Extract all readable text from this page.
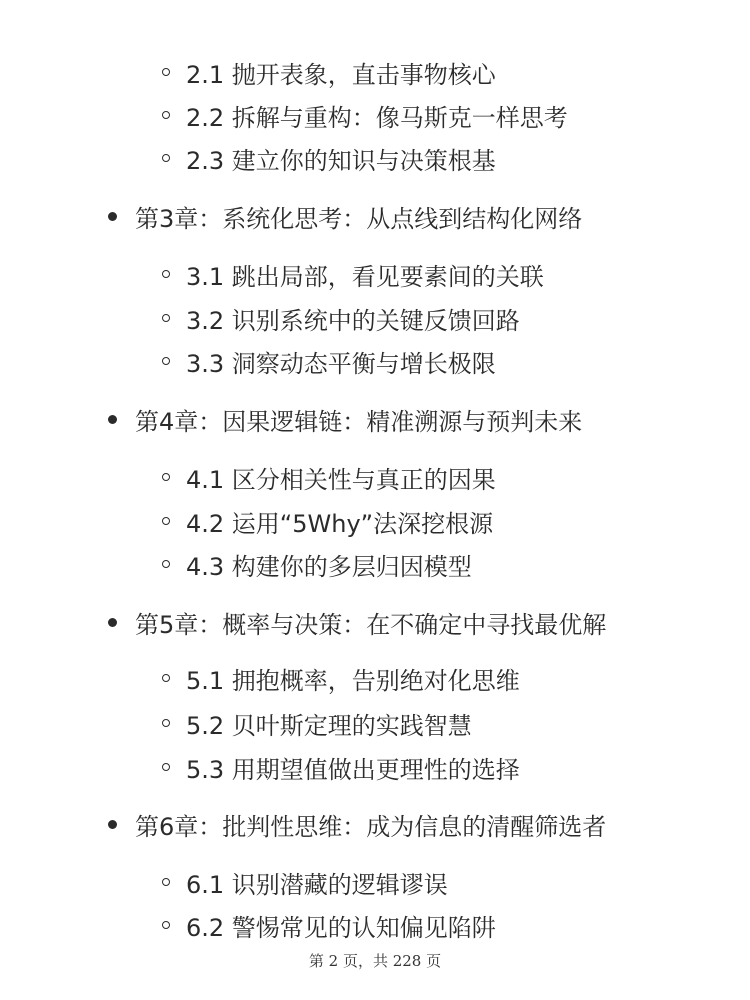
2.1 抛开表象，直击事物核心
2.2 拆解与重构：像马斯克一样思考
2.3 建立你的知识与决策根基
第3章：系统化思考：从点线到结构化网络
3.1 跳出局部，看见要素间的关联
3.2 识别系统中的关键反馈回路
3.3 洞察动态平衡与增长极限
第4章：因果逻辑链：精准溯源与预判未来
4.1 区分相关性与真正的因果
4.2 运用“5Why”法深挖根源
4.3 构建你的多层归因模型
第5章：概率与决策：在不确定中寻找最优解
5.1 拥抱概率，告别绝对化思维
5.2 贝叶斯定理的实践智慧
5.3 用期望值做出更理性的选择
第6章：批判性思维：成为信息的清醒筛选者
6.1 识别潜藏的逻辑谬误
6.2 警惕常见的认知偏见陷阱
第 2 页，共 228 页
